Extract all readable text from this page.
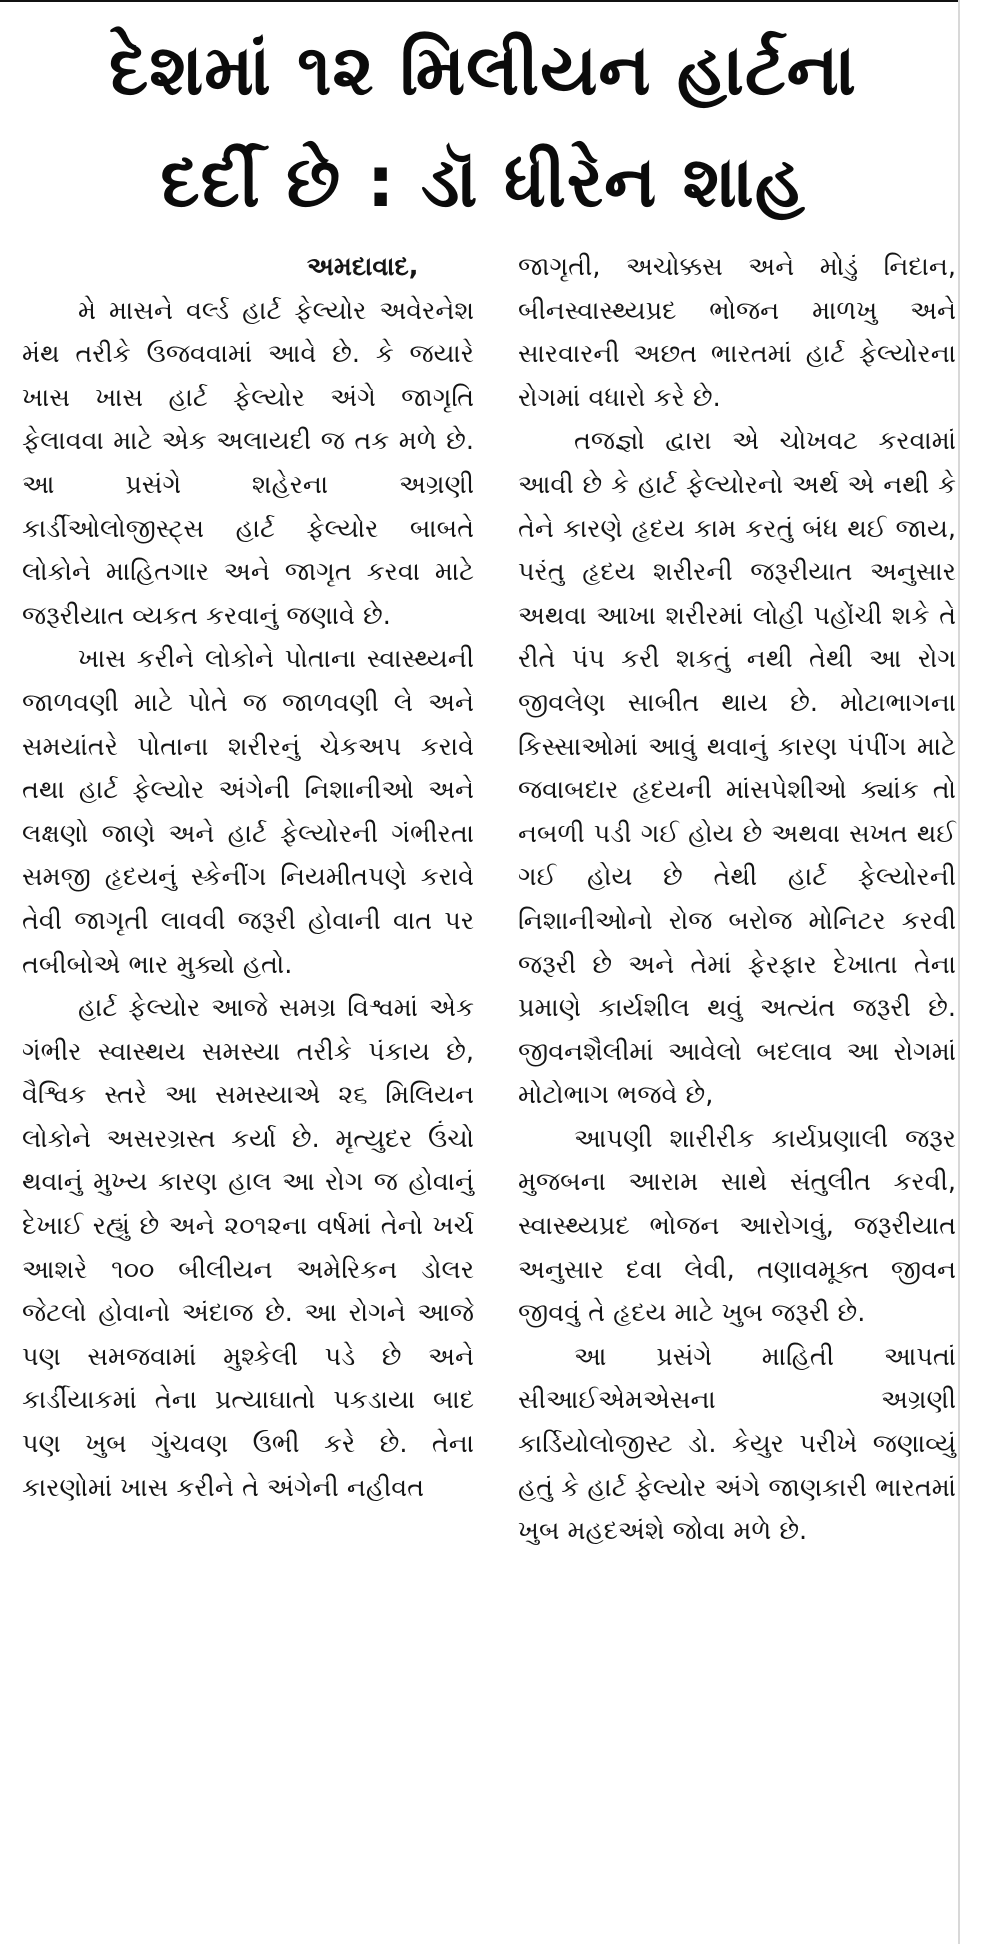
દેશમાં ૧૨ મિલીયન હાર્ટના
દર્દી છે : ડૉ ધીરેન શાહ
અમદાવાદ,

મે માસને વર્લ્ડ હાર્ટ ફેલ્યોર અવેરનેશ મંથ તરીકે ઉજવવામાં આવે છે. કે જયારે ખાસ ખાસ હાર્ટ ફેલ્યોર અંગે જાગૃતિ ફેલાવવા માટે એક અલાયદી જ તક મળે છે. આ પ્રસંગે શહેરના અગ્રણી કાર્ડીઓલોજીસ્ટ્સ હાર્ટ ફેલ્યોર બાબતે લોકોને માહિતગાર અને જાગૃત કરવા માટે જરૂરીયાત વ્યકત કરવાનું જણાવે છે.

ખાસ કરીને લોકોને પોતાના સ્વાસ્થ્યની જાળવણી માટે પોતે જ જાળવણી લે અને સમયાંતરે પોતાના શરીરનું ચેકઅપ કરાવે તથા હાર્ટ ફેલ્યોર અંગેની નિશાનીઓ અને લક્ષણો જાણે અને હાર્ટ ફેલ્યોરની ગંભીરતા સમજી હૃદયનું સ્કેનીંગ નિયમીતપણે કરાવે તેવી જાગૃતી લાવવી જરૂરી હોવાની વાત પર તબીબોએ ભાર મુક્યો હતો.

હાર્ટ ફેલ્યોર આજે સમગ્ર વિશ્વમાં એક ગંભીર સ્વાસ્થય સમસ્યા તરીકે પંકાય છે, વૈશ્વિક સ્તરે આ સમસ્યાએ ૨૬ મિલિયન લોકોને અસરગ્રસ્ત કર્યા છે. મૃત્યુદર ઉંચો થવાનું મુખ્ય કારણ હાલ આ રોગ જ હોવાનું દેખાઈ રહ્યું છે અને ૨૦૧૨ના વર્ષમાં તેનો ખર્ચ આશરે ૧૦૦ બીલીયન અમેરિકન ડોલર જેટલો હોવાનો અંદાજ છે. આ રોગને આજે પણ સમજવામાં મુશ્કેલી પડે છે અને કાર્ડીયાકમાં તેના પ્રત્યાઘાતો પકડાયા બાદ પણ ખુબ ગુંચવણ ઉભી કરે છે. તેના કારણોમાં ખાસ કરીને તે અંગેની નહીવત

જાગૃતી, અચોક્કસ અને મોડું નિદાન, બીનસ્વાસ્થ્યપ્રદ ભોજન માળખુ અને સારવારની અછત ભારતમાં હાર્ટ ફેલ્યોરના રોગમાં વધારો કરે છે.

તજજ્ઞો દ્વારા એ ચોખવટ કરવામાં આવી છે કે હાર્ટ ફેલ્યોરનો અર્થ એ નથી કે તેને કારણે હૃદય કામ કરતું બંધ થઈ જાય, પરંતુ હૃદય શરીરની જરૂરીયાત અનુસાર અથવા આખા શરીરમાં લોહી પહોંચી શકે તે રીતે પંપ કરી શકતું નથી તેથી આ રોગ જીવલેણ સાબીત થાય છે. મોટાભાગના કિસ્સાઓમાં આવું થવાનું કારણ પંપીંગ માટે જવાબદાર હૃદયની માંસપેશીઓ ક્યાંક તો નબળી પડી ગઈ હોય છે અથવા સખત થઈ ગઈ હોય છે તેથી હાર્ટ ફેલ્યોરની નિશાનીઓનો રોજ બરોજ મોનિટર કરવી જરૂરી છે અને તેમાં ફેરફાર દેખાતા તેના પ્રમાણે કાર્યશીલ થવું અત્યંત જરૂરી છે. જીવનશૈલીમાં આવેલો બદલાવ આ રોગમાં મોટોભાગ ભજવે છે,

આપણી શારીરીક કાર્યપ્રણાલી જરૂર મુજબના આરામ સાથે સંતુલીત કરવી, સ્વાસ્થ્યપ્રદ ભોજન આરોગવું, જરૂરીયાત અનુસાર દવા લેવી, તણાવમૂક્ત જીવન જીવવું તે હૃદય માટે ખુબ જરૂરી છે.

આ પ્રસંગે માહિતી આપતાં સીઆઈએમએસના અગ્રણી કાર્ડિયોલોજીસ્ટ ડો. કેયુર પરીખે જણાવ્યું હતું કે હાર્ટ ફેલ્યોર અંગે જાણકારી ભારતમાં ખુબ મહદઅંશે જોવા મળે છે.
